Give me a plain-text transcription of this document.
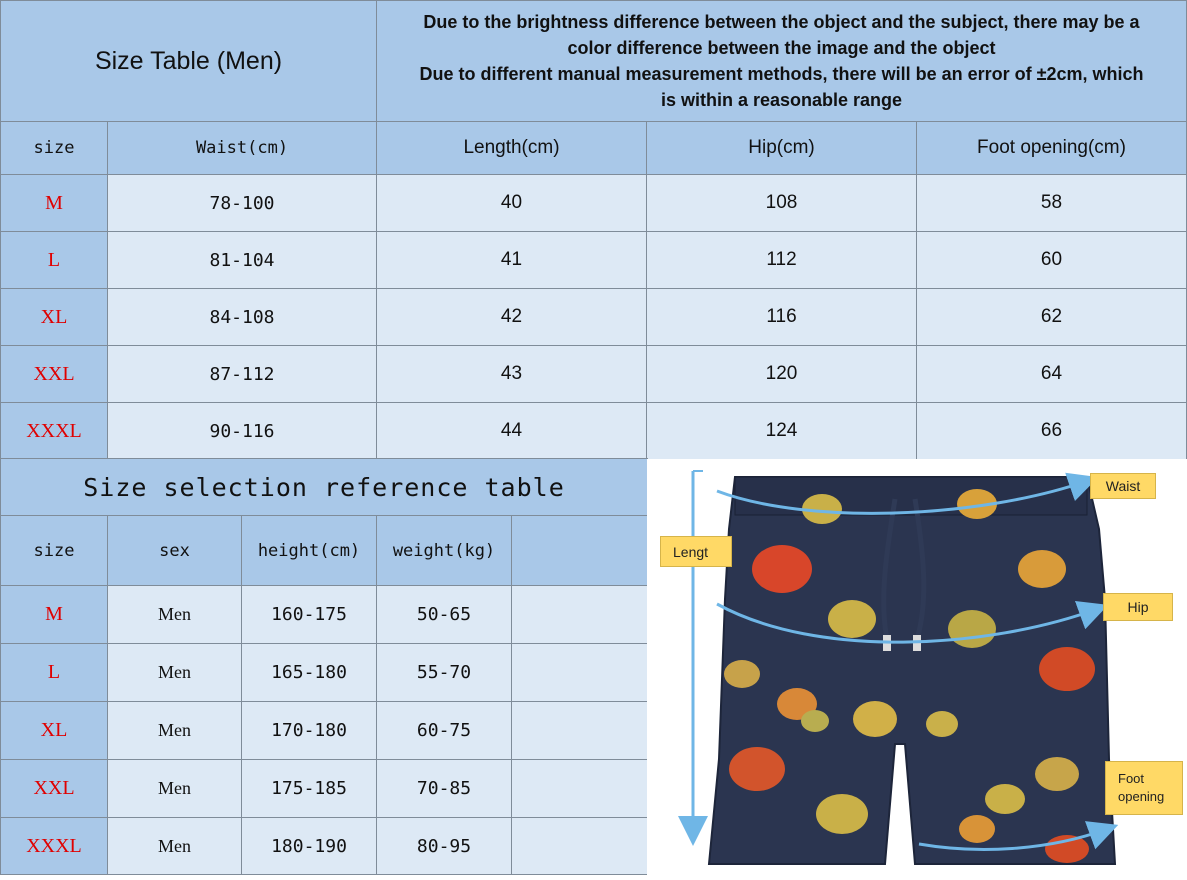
Size Table (Men)
Due to the brightness difference between the object and the subject, there may be a
color difference between the image and the object
Due to different manual measurement methods, there will be an error of ±2cm, which
is within a reasonable range
size	Waist(cm)	Length(cm)	Hip(cm)	Foot opening(cm)
M	78-100	40	108	58
L	81-104	41	112	60
XL	84-108	42	116	62
XXL	87-112	43	120	64
XXXL	90-116	44	124	66
Size selection reference table
size	sex	height(cm) weight(kg)
M	Men	160-175	50-65
L	Men	165-180	55-70
XL	Men	170-180	60-75
XXL	Men	175-185	70-85
XXXL	Men	180-190	80-95
Waist
Lengt
Hip
Foot
opening
